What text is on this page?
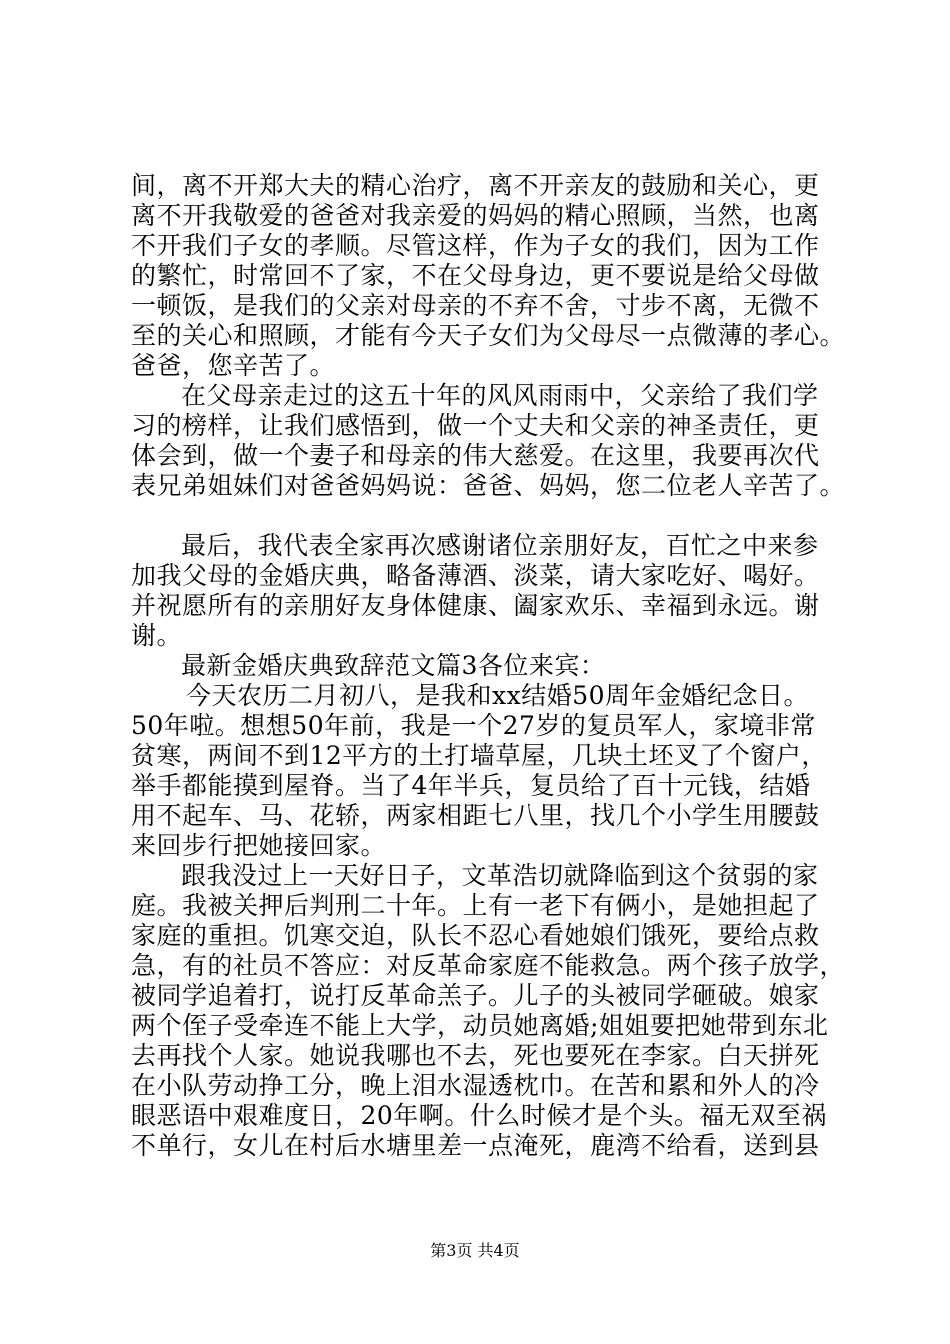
间，离不开郑大夫的精心治疗，离不开亲友的鼓励和关心，更
离不开我敬爱的爸爸对我亲爱的妈妈的精心照顾，当然，也离
不开我们子女的孝顺。尽管这样，作为子女的我们，因为工作
的繁忙，时常回不了家，不在父母身边，更不要说是给父母做
一顿饭，是我们的父亲对母亲的不弃不舍，寸步不离，无微不
至的关心和照顾，才能有今天子女们为父母尽一点微薄的孝心。
爸爸，您辛苦了。
在父母亲走过的这五十年的风风雨雨中，父亲给了我们学
习的榜样，让我们感悟到，做一个丈夫和父亲的神圣责任，更
体会到，做一个妻子和母亲的伟大慈爱。在这里，我要再次代
表兄弟姐妹们对爸爸妈妈说：爸爸、妈妈，您二位老人辛苦了。
最后，我代表全家再次感谢诸位亲朋好友，百忙之中来参
加我父母的金婚庆典，略备薄酒、淡菜，请大家吃好、喝好。
并祝愿所有的亲朋好友身体健康、阖家欢乐、幸福到永远。谢
谢。
最新金婚庆典致辞范文篇3各位来宾：
今天农历二月初八，是我和xx结婚50周年金婚纪念日。
50年啦。想想50年前，我是一个27岁的复员军人，家境非常
贫寒，两间不到12平方的土打墙草屋，几块土坯叉了个窗户，
举手都能摸到屋脊。当了4年半兵，复员给了百十元钱，结婚
用不起车、马、花轿，两家相距七八里，找几个小学生用腰鼓
来回步行把她接回家。
跟我没过上一天好日子，文革浩切就降临到这个贫弱的家
庭。我被关押后判刑二十年。上有一老下有俩小，是她担起了
家庭的重担。饥寒交迫，队长不忍心看她娘们饿死，要给点救
急，有的社员不答应：对反革命家庭不能救急。两个孩子放学，
被同学追着打，说打反革命羔子。儿子的头被同学砸破。娘家
两个侄子受牵连不能上大学，动员她离婚;姐姐要把她带到东北
去再找个人家。她说我哪也不去，死也要死在李家。白天拼死
在小队劳动挣工分，晚上泪水湿透枕巾。在苦和累和外人的冷
眼恶语中艰难度日，20年啊。什么时候才是个头。福无双至祸
不单行，女儿在村后水塘里差一点淹死，鹿湾不给看，送到县
第3页 共4页
